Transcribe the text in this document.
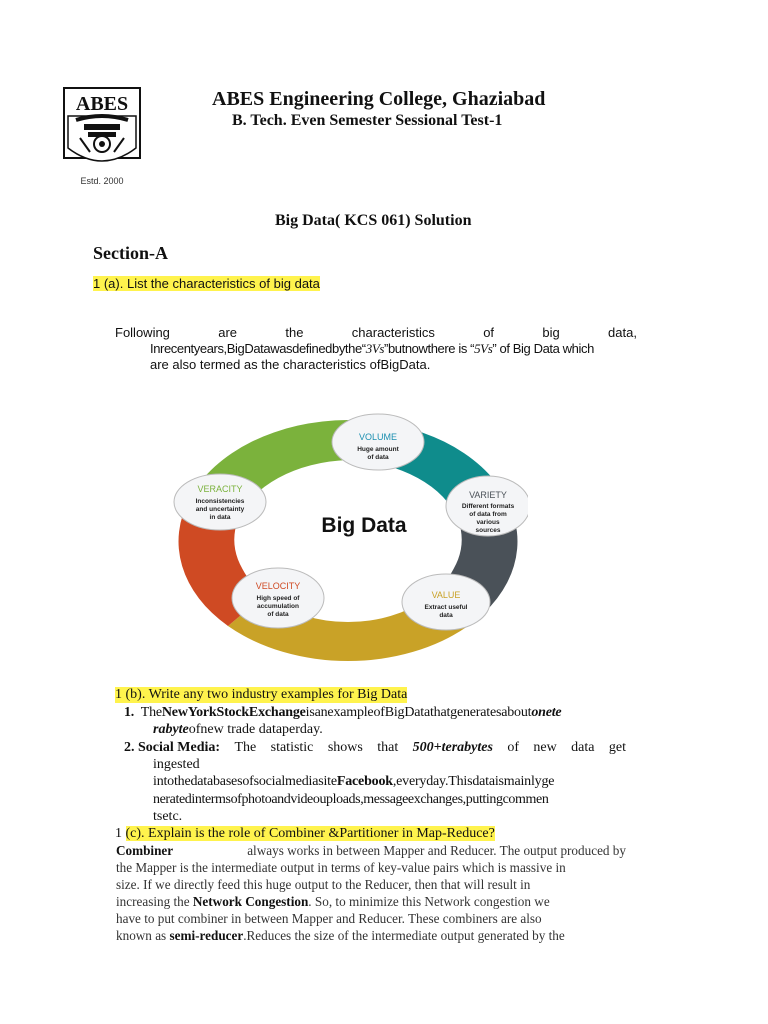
ABES
Estd. 2000
ABES Engineering College, Ghaziabad
B. Tech. Even Semester Sessional Test-1
Big Data( KCS 061) Solution
Section-A
1 (a). List the characteristics of big data
Following	are	the	characteristics	of	big	data,
Inrecentyears,BigDatawasdefinedbythe“3Vs”butnowthere is “5Vs” of Big Data which
are also termed as the characteristics ofBigData.
Big Data
VOLUME
Huge amount
of data
VARIETY
Different formats
of data from
various
sources
VALUE
Extract useful
data
VELOCITY
High speed of
accumulation
of data
VERACITY
Inconsistencies
and uncertainty
in data
1 (b). Write any two industry examples for Big Data
1. TheNewYorkStockExchangeisanexampleofBigDatathatgeneratesaboutonete
rabyteofnew trade dataperday.
2. Social Media: The statistic shows that 500+terabytes of new data get
ingested
intothedatabasesofsocialmediasiteFacebook,everyday.Thisdataismainlyge
neratedintermsofphotoandvideouploads,messageexchanges,puttingcommen
tsetc.
1 (c). Explain is the role of Combiner &Partitioner in Map-Reduce?
Combiner	always works in between Mapper and Reducer. The output produced by
the Mapper is the intermediate output in terms of key-value pairs which is massive in
size. If we directly feed this huge output to the Reducer, then that will result in
increasing the Network Congestion. So, to minimize this Network congestion we
have to put combiner in between Mapper and Reducer. These combiners are also
known as semi-reducer.Reduces the size of the intermediate output generated by the
